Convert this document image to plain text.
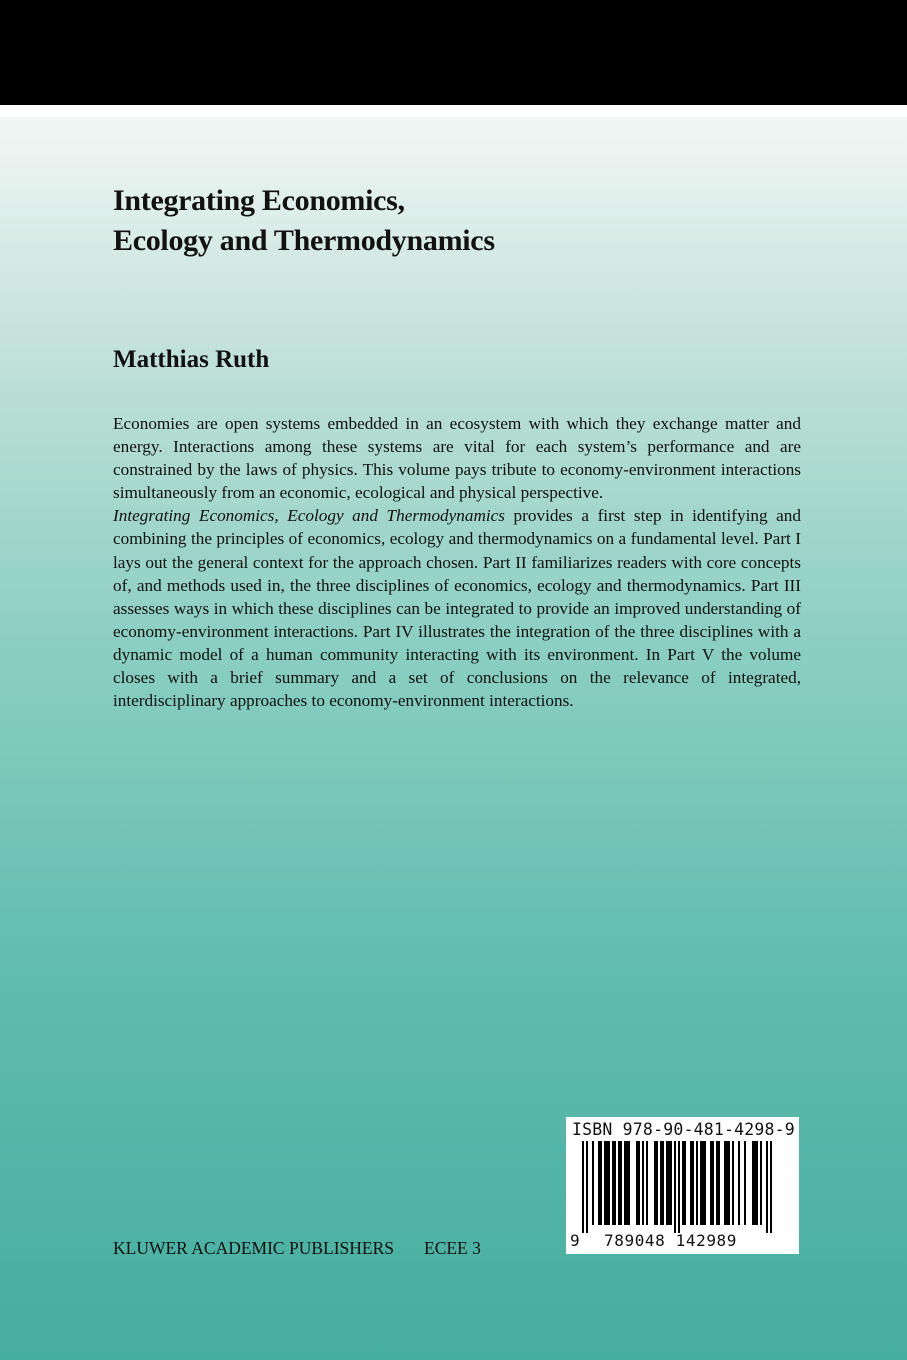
Integrating Economics,
Ecology and Thermodynamics
Matthias Ruth

Economies are open systems embedded in an ecosystem with which they exchange matter and energy. Interactions among these systems are vital for each system’s performance and are constrained by the laws of physics. This volume pays tribute to economy-environment interactions simultaneously from an economic, ecological and physical perspective.

Integrating Economics, Ecology and Thermodynamics provides a first step in identifying and combining the principles of economics, ecology and thermodynamics on a fundamental level. Part I lays out the general context for the approach chosen. Part II familiarizes readers with core concepts of, and methods used in, the three disciplines of economics, ecology and thermodynamics. Part III assesses ways in which these disciplines can be integrated to provide an improved understanding of economy-environment interactions. Part IV illustrates the integration of the three disciplines with a dynamic model of a human community interacting with its environment. In Part V the volume closes with a brief summary and a set of conclusions on the relevance of integrated, interdisciplinary approaches to economy-environment interactions.

KLUWER ACADEMIC PUBLISHERS ECEE 3
ISBN 978-90-481-4298-9
9 789048 142989
